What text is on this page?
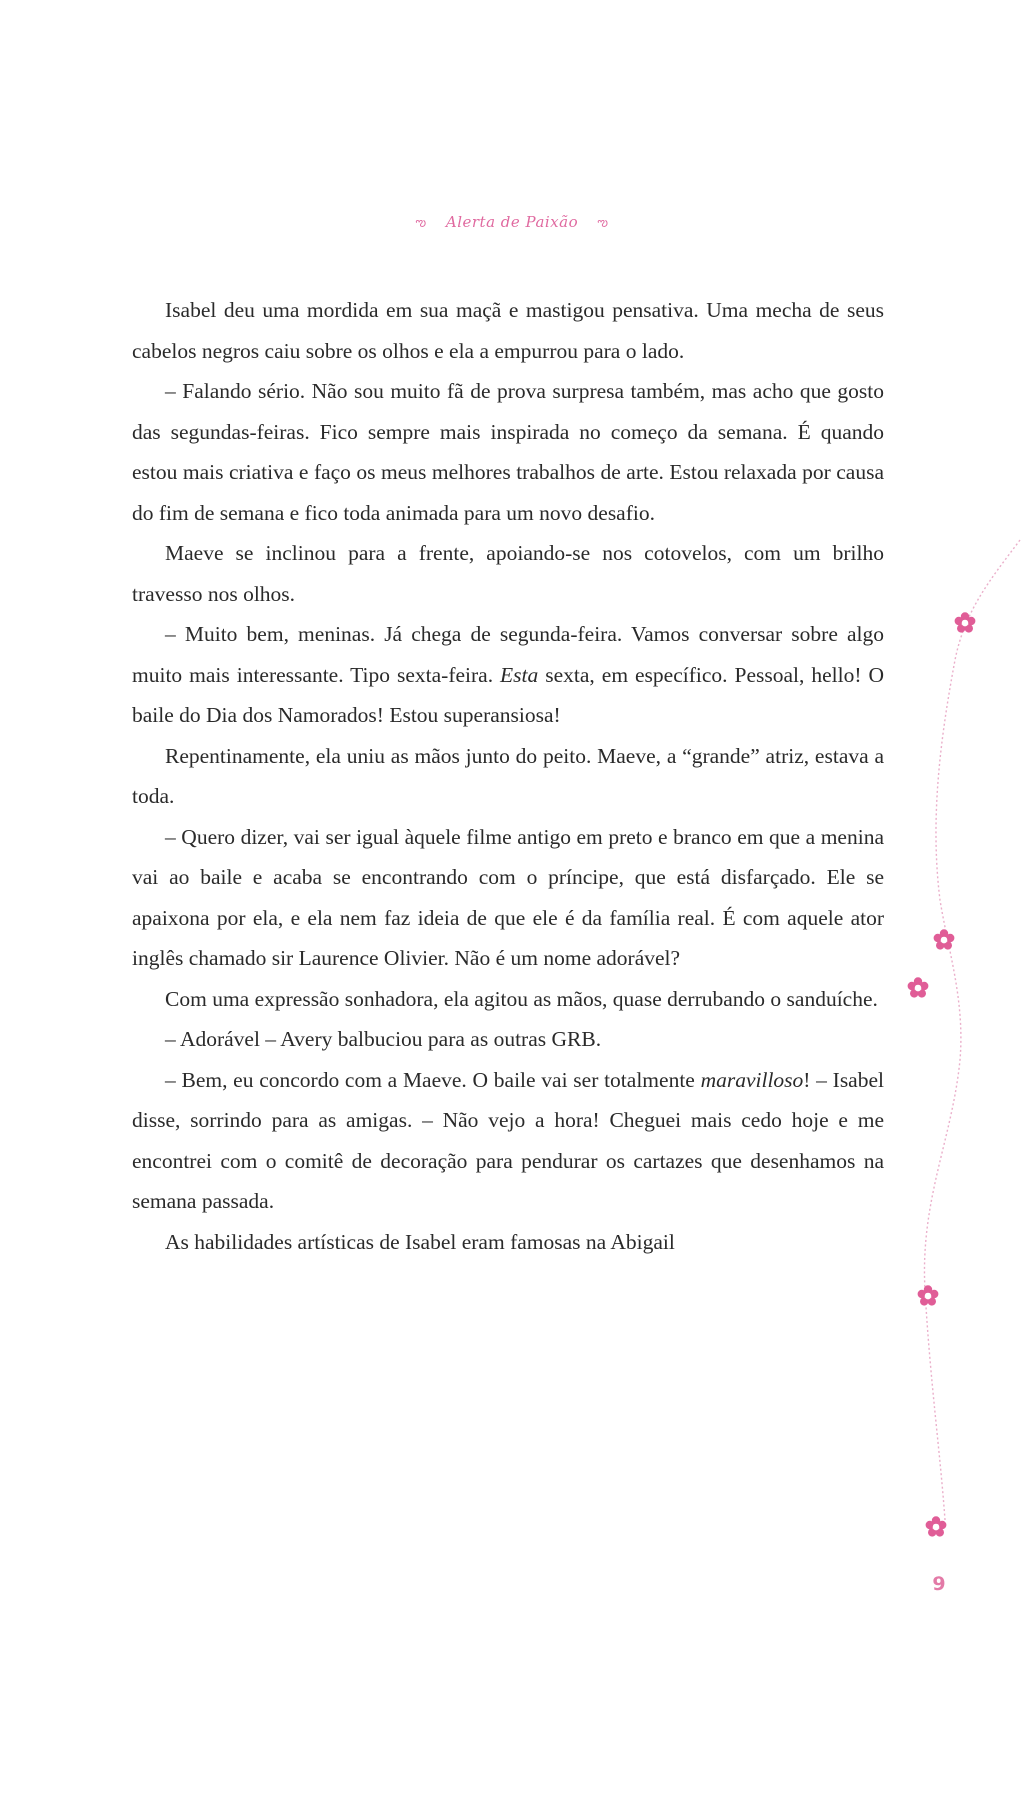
ఌ Alerta de Paixão ఌ

Isabel deu uma mordida em sua maçã e mastigou pensativa. Uma mecha de seus cabelos negros caiu sobre os olhos e ela a empurrou para o lado.

– Falando sério. Não sou muito fã de prova surpresa também, mas acho que gosto das segundas-feiras. Fico sempre mais inspirada no começo da semana. É quando estou mais criativa e faço os meus melhores trabalhos de arte. Estou relaxada por causa do fim de semana e fico toda animada para um novo desafio.

Maeve se inclinou para a frente, apoiando-se nos cotovelos, com um brilho travesso nos olhos.

– Muito bem, meninas. Já chega de segunda-feira. Vamos conversar sobre algo muito mais interessante. Tipo sexta-feira. Esta sexta, em específico. Pessoal, hello! O baile do Dia dos Namorados! Estou superansiosa!

Repentinamente, ela uniu as mãos junto do peito. Maeve, a “grande” atriz, estava a toda.

– Quero dizer, vai ser igual àquele filme antigo em preto e branco em que a menina vai ao baile e acaba se encontrando com o príncipe, que está disfarçado. Ele se apaixona por ela, e ela nem faz ideia de que ele é da família real. É com aquele ator inglês chamado sir Laurence Olivier. Não é um nome adorável?

Com uma expressão sonhadora, ela agitou as mãos, quase derrubando o sanduíche.

– Adorável – Avery balbuciou para as outras GRB.

– Bem, eu concordo com a Maeve. O baile vai ser totalmente maravilloso! – Isabel disse, sorrindo para as amigas. – Não vejo a hora! Cheguei mais cedo hoje e me encontrei com o comitê de decoração para pendurar os cartazes que desenhamos na semana passada.

As habilidades artísticas de Isabel eram famosas na Abigail

9
